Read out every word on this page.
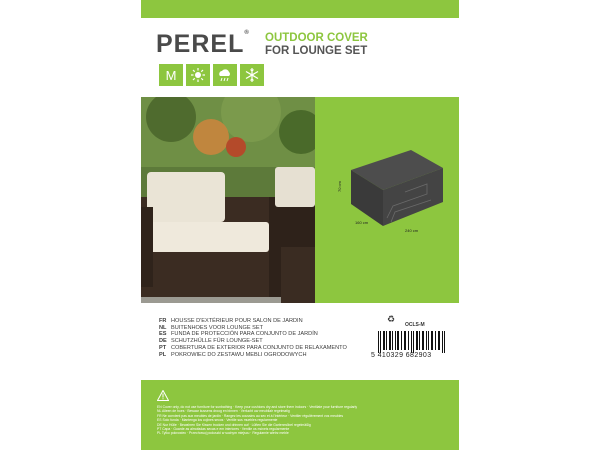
PEREL® OUTDOOR COVER
FOR LOUNGE SET
M
70 cm
160 cm
240 cm
FR HOUSSE D'EXTÉRIEUR POUR SALON DE JARDIN
NL BUITENHOES VOOR LOUNGE SET
ES FUNDA DE PROTECCIÓN PARA CONJUNTO DE JARDÍN
DE SCHUTZHÜLLE FÜR LOUNGE-SET
PT COBERTURA DE EXTERIOR PARA CONJUNTO DE RELAXAMENTO
PL POKROWIEC DO ZESTAWU MEBLI OGRODOWYCH
♻
OCLS-M
5 410329 682903
EN Cover only, do not use furniture for sunbathing · Keep your cushions dry and store them indoors · Ventilate your furniture regularly
NL Alleen de hoes · Bewaar kussens droog en binnen · Verlucht uw meubilair regelmatig
FR Ne convient pas aux meubles de jardin · Rangez les coussins au sec et à l'intérieur · Ventiler régulièrement vos meubles
ES Solo funda · Mantenga los cojines secos · Ventile sus muebles regularmente
DE Nur Hülle · Bewahren Sie Kissen trocken und drinnen auf · Lüften Sie die Gartenmöbel regelmäßig
PT Capa · Guarde as almofadas secas e em interiores · Ventile os móveis regularmente
PL Tylko pokrowiec · Przechowuj poduszki w suchym miejscu · Regularnie wietrz meble
